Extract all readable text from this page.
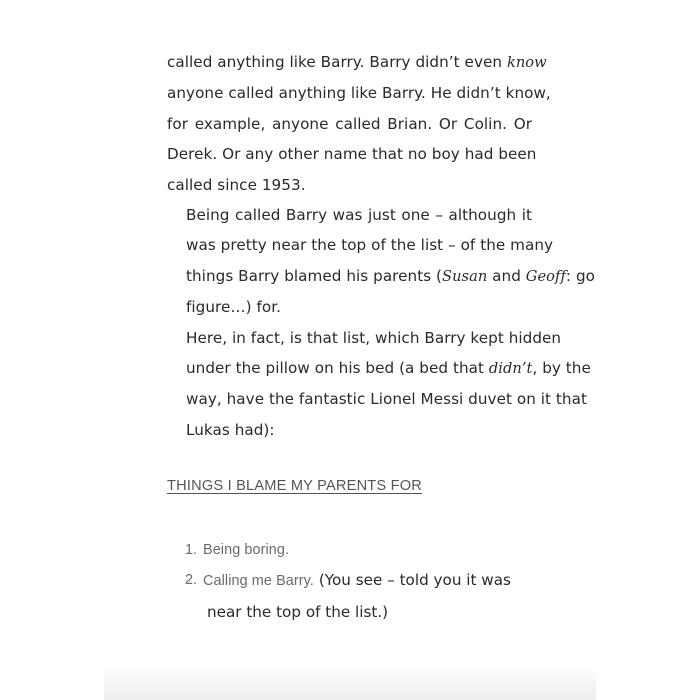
called anything like Barry. Barry didn’t even know
anyone called anything like Barry. He didn’t know,
for example, anyone called Brian. Or Colin. Or
Derek. Or any other name that no boy had been
called since 1953.

Being called Barry was just one – although it
was pretty near the top of the list – of the many
things Barry blamed his parents (Susan and Geoff: go
figure…) for.

Here, in fact, is that list, which Barry kept hidden
under the pillow on his bed (a bed that didn’t, by the
way, have the fantastic Lionel Messi duvet on it that
Lukas had):

THINGS I BLAME MY PARENTS FOR
1. Being boring.
2. Calling me Barry. (You see – told you it was
near the top of the list.)
